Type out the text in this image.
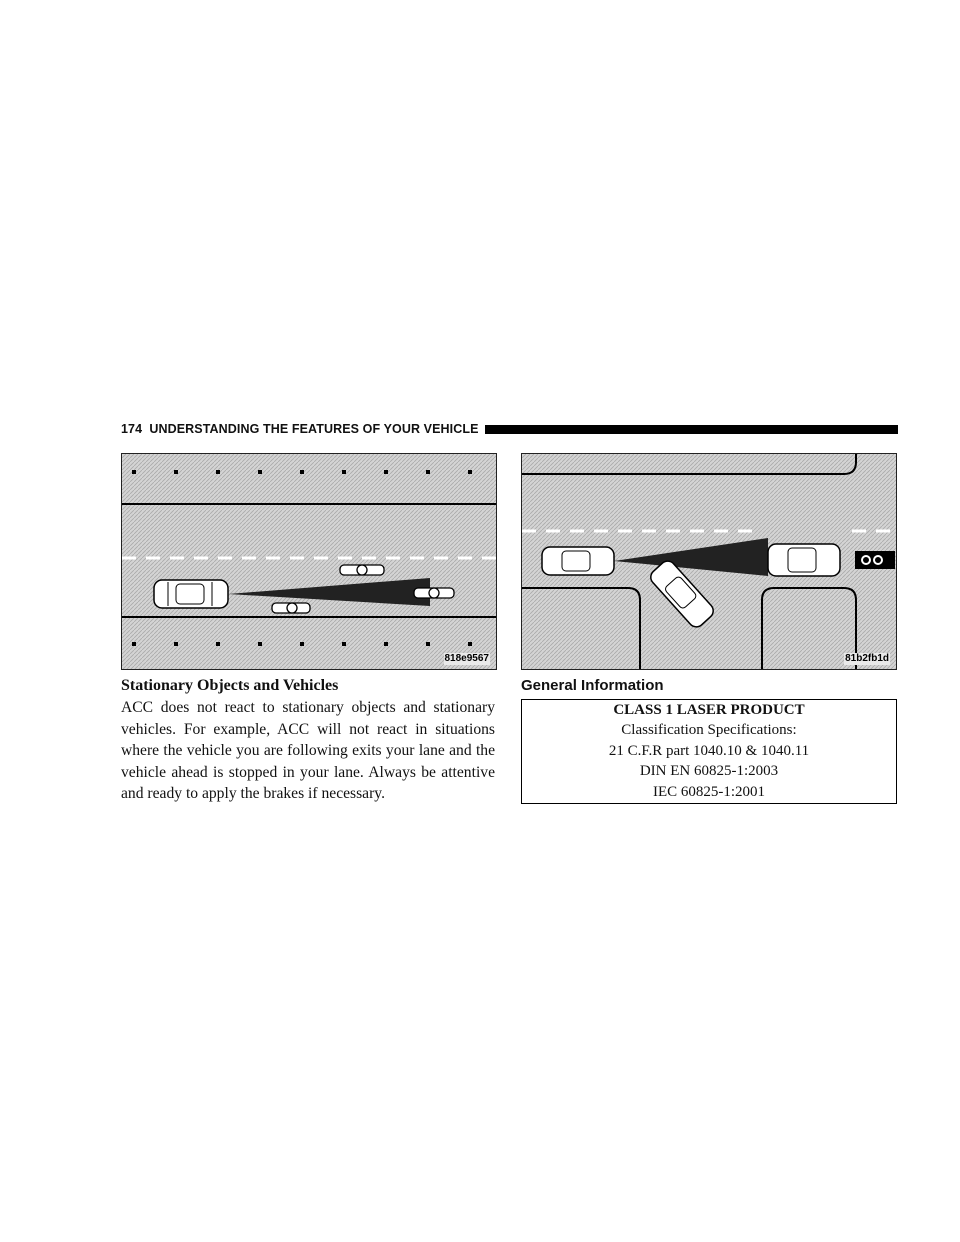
174 UNDERSTANDING THE FEATURES OF YOUR VEHICLE
818e9567	81b2fb1d
Stationary Objects and Vehicles
ACC does not react to stationary objects and stationary vehicles. For example, ACC will not react in situations where the vehicle you are following exits your lane and the vehicle ahead is stopped in your lane. Always be attentive and ready to apply the brakes if necessary.
General Information
CLASS 1 LASER PRODUCT
Classification Specifications:
21 C.F.R part 1040.10 & 1040.11
DIN EN 60825-1:2003
IEC 60825-1:2001
